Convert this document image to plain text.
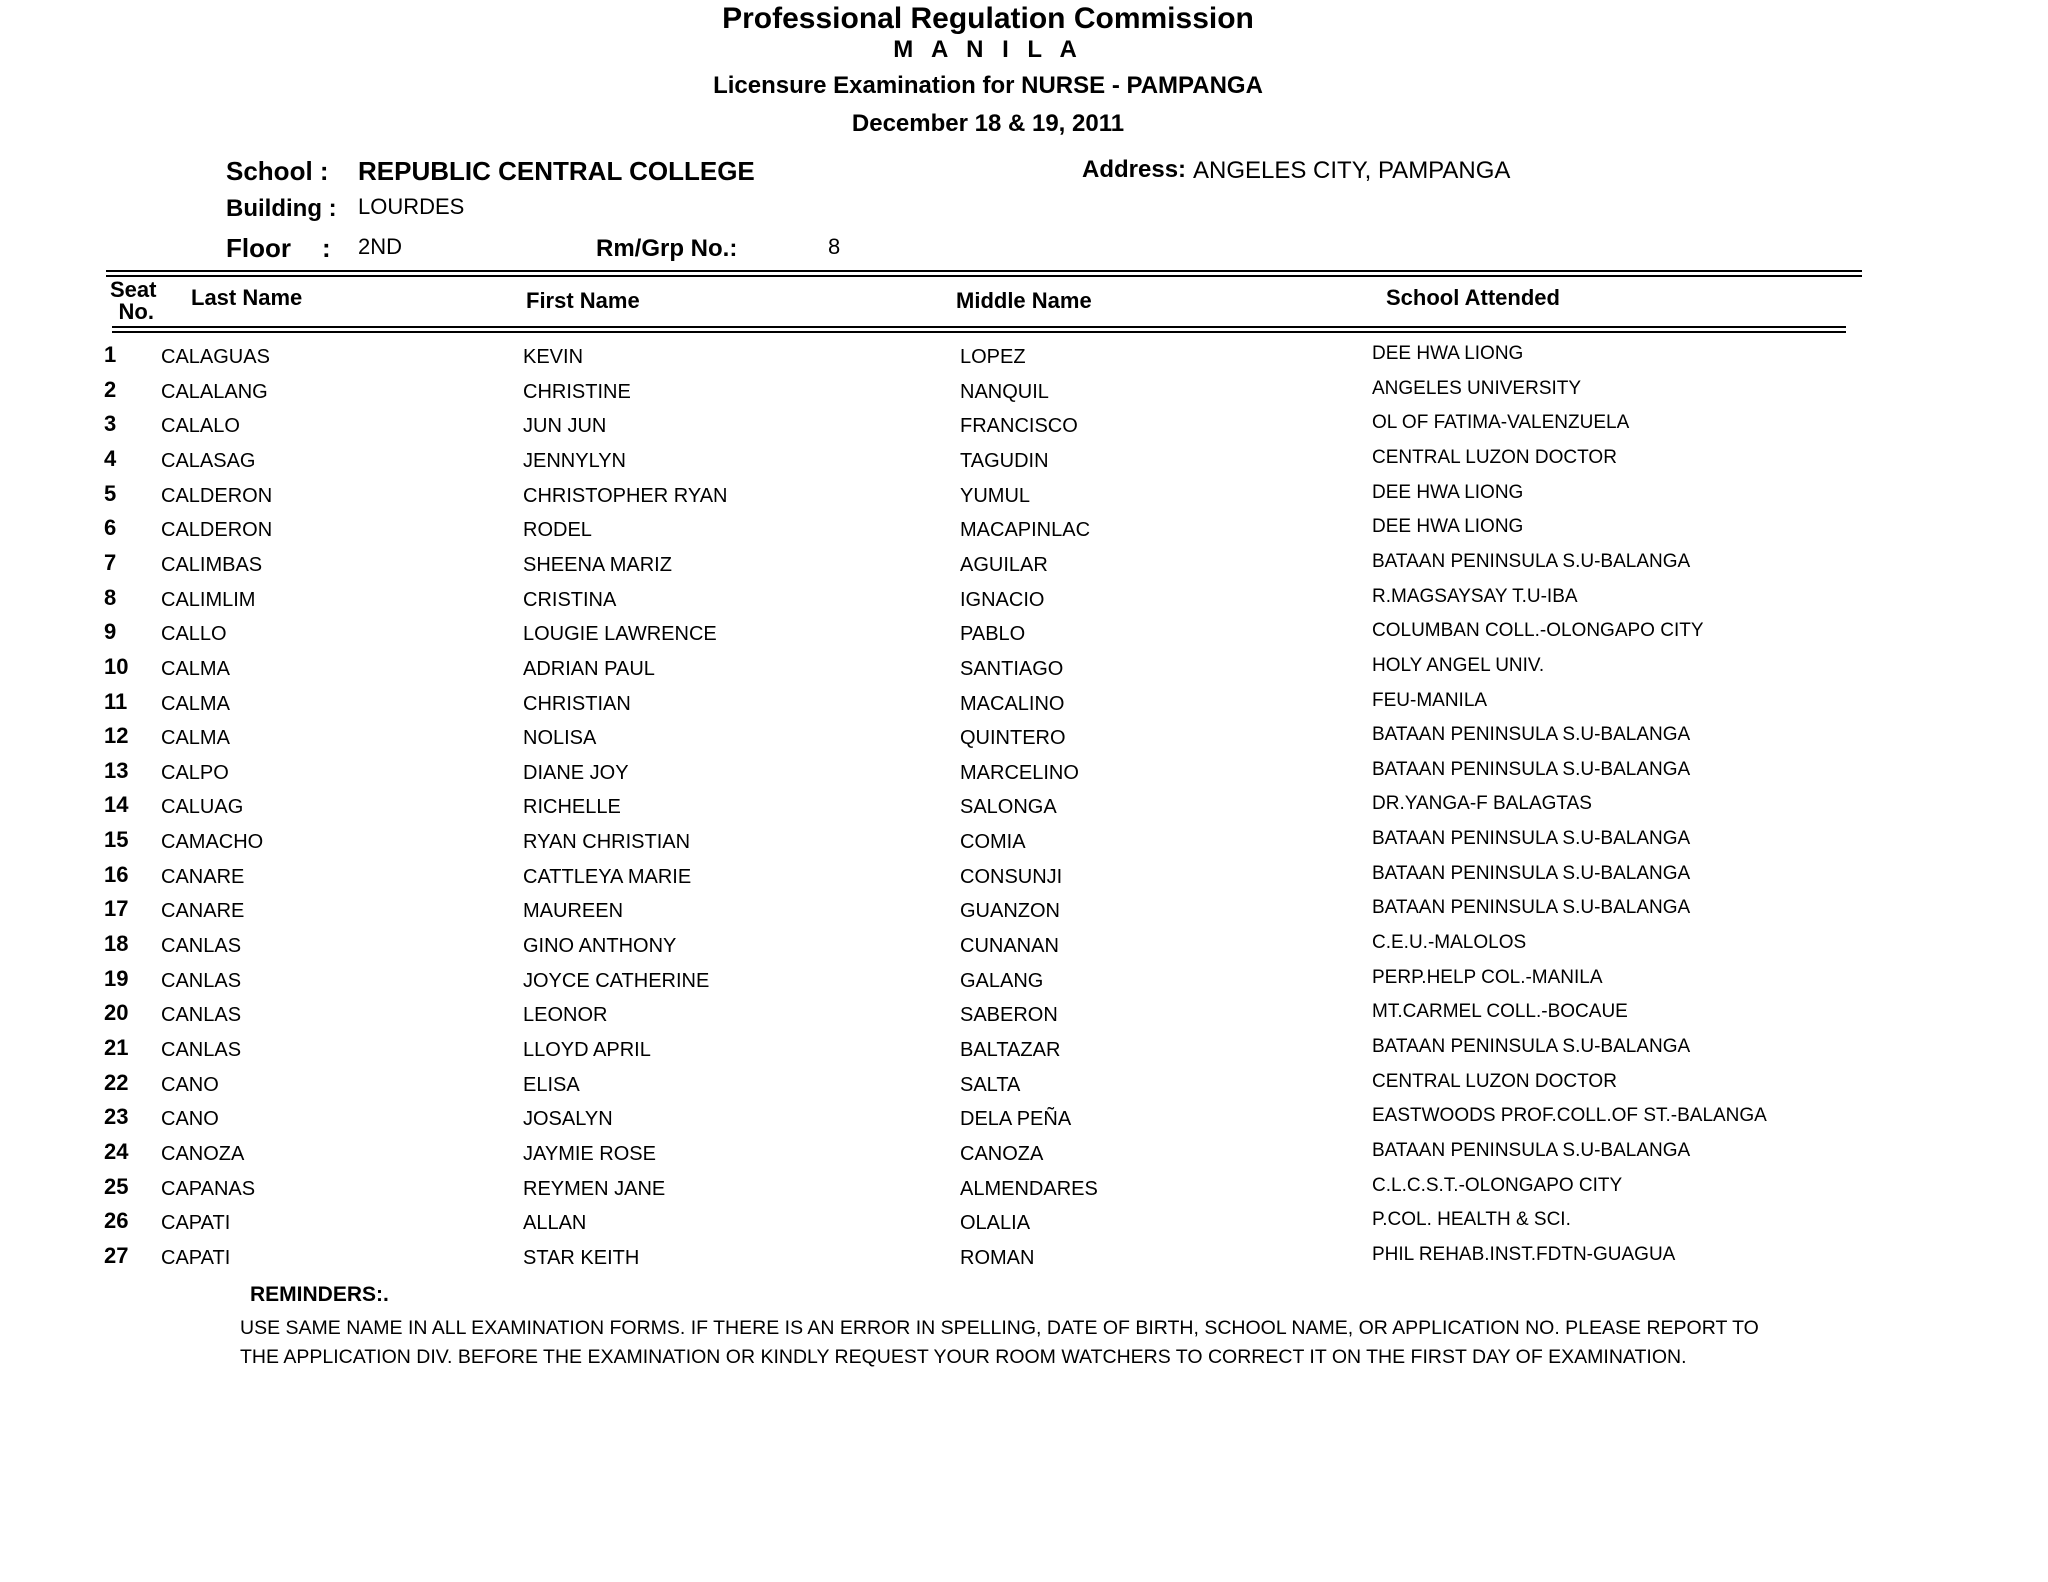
Professional Regulation Commission
M A N I L A
Licensure Examination for NURSE - PAMPANGA
December 18 & 19, 2011
School : REPUBLIC CENTRAL COLLEGE	Address: ANGELES CITY, PAMPANGA
Building : LOURDES
Floor : 2ND	Rm/Grp No.:	8
Seat
No.
Last Name	First Name	Middle Name	School Attended
1 CALAGUAS	KEVIN	LOPEZ	DEE HWA LIONG
2 CALALANG	CHRISTINE	NANQUIL	ANGELES UNIVERSITY
3 CALALO	JUN JUN	FRANCISCO	OL OF FATIMA-VALENZUELA
4 CALASAG	JENNYLYN	TAGUDIN	CENTRAL LUZON DOCTOR
5 CALDERON	CHRISTOPHER RYAN	YUMUL	DEE HWA LIONG
6 CALDERON	RODEL	MACAPINLAC	DEE HWA LIONG
7 CALIMBAS	SHEENA MARIZ	AGUILAR	BATAAN PENINSULA S.U-BALANGA
8 CALIMLIM	CRISTINA	IGNACIO	R.MAGSAYSAY T.U-IBA
9 CALLO	LOUGIE LAWRENCE	PABLO	COLUMBAN COLL.-OLONGAPO CITY
10 CALMA	ADRIAN PAUL	SANTIAGO	HOLY ANGEL UNIV.
11 CALMA	CHRISTIAN	MACALINO	FEU-MANILA
12 CALMA	NOLISA	QUINTERO	BATAAN PENINSULA S.U-BALANGA
13 CALPO	DIANE JOY	MARCELINO	BATAAN PENINSULA S.U-BALANGA
14 CALUAG	RICHELLE	SALONGA	DR.YANGA-F BALAGTAS
15 CAMACHO	RYAN CHRISTIAN	COMIA	BATAAN PENINSULA S.U-BALANGA
16 CANARE	CATTLEYA MARIE	CONSUNJI	BATAAN PENINSULA S.U-BALANGA
17 CANARE	MAUREEN	GUANZON	BATAAN PENINSULA S.U-BALANGA
18 CANLAS	GINO ANTHONY	CUNANAN	C.E.U.-MALOLOS
19 CANLAS	JOYCE CATHERINE	GALANG	PERP.HELP COL.-MANILA
20 CANLAS	LEONOR	SABERON	MT.CARMEL COLL.-BOCAUE
21 CANLAS	LLOYD APRIL	BALTAZAR	BATAAN PENINSULA S.U-BALANGA
22 CANO	ELISA	SALTA	CENTRAL LUZON DOCTOR
23 CANO	JOSALYN	DELA PEÑA	EASTWOODS PROF.COLL.OF ST.-BALANGA
24 CANOZA	JAYMIE ROSE	CANOZA	BATAAN PENINSULA S.U-BALANGA
25 CAPANAS	REYMEN JANE	ALMENDARES	C.L.C.S.T.-OLONGAPO CITY
26 CAPATI	ALLAN	OLALIA	P.COL. HEALTH & SCI.
27 CAPATI	STAR KEITH	ROMAN	PHIL REHAB.INST.FDTN-GUAGUA
REMINDERS:.
USE SAME NAME IN ALL EXAMINATION FORMS. IF THERE IS AN ERROR IN SPELLING, DATE OF BIRTH, SCHOOL NAME, OR APPLICATION NO. PLEASE REPORT TO THE APPLICATION DIV. BEFORE THE EXAMINATION OR KINDLY REQUEST YOUR ROOM WATCHERS TO CORRECT IT ON THE FIRST DAY OF EXAMINATION.
